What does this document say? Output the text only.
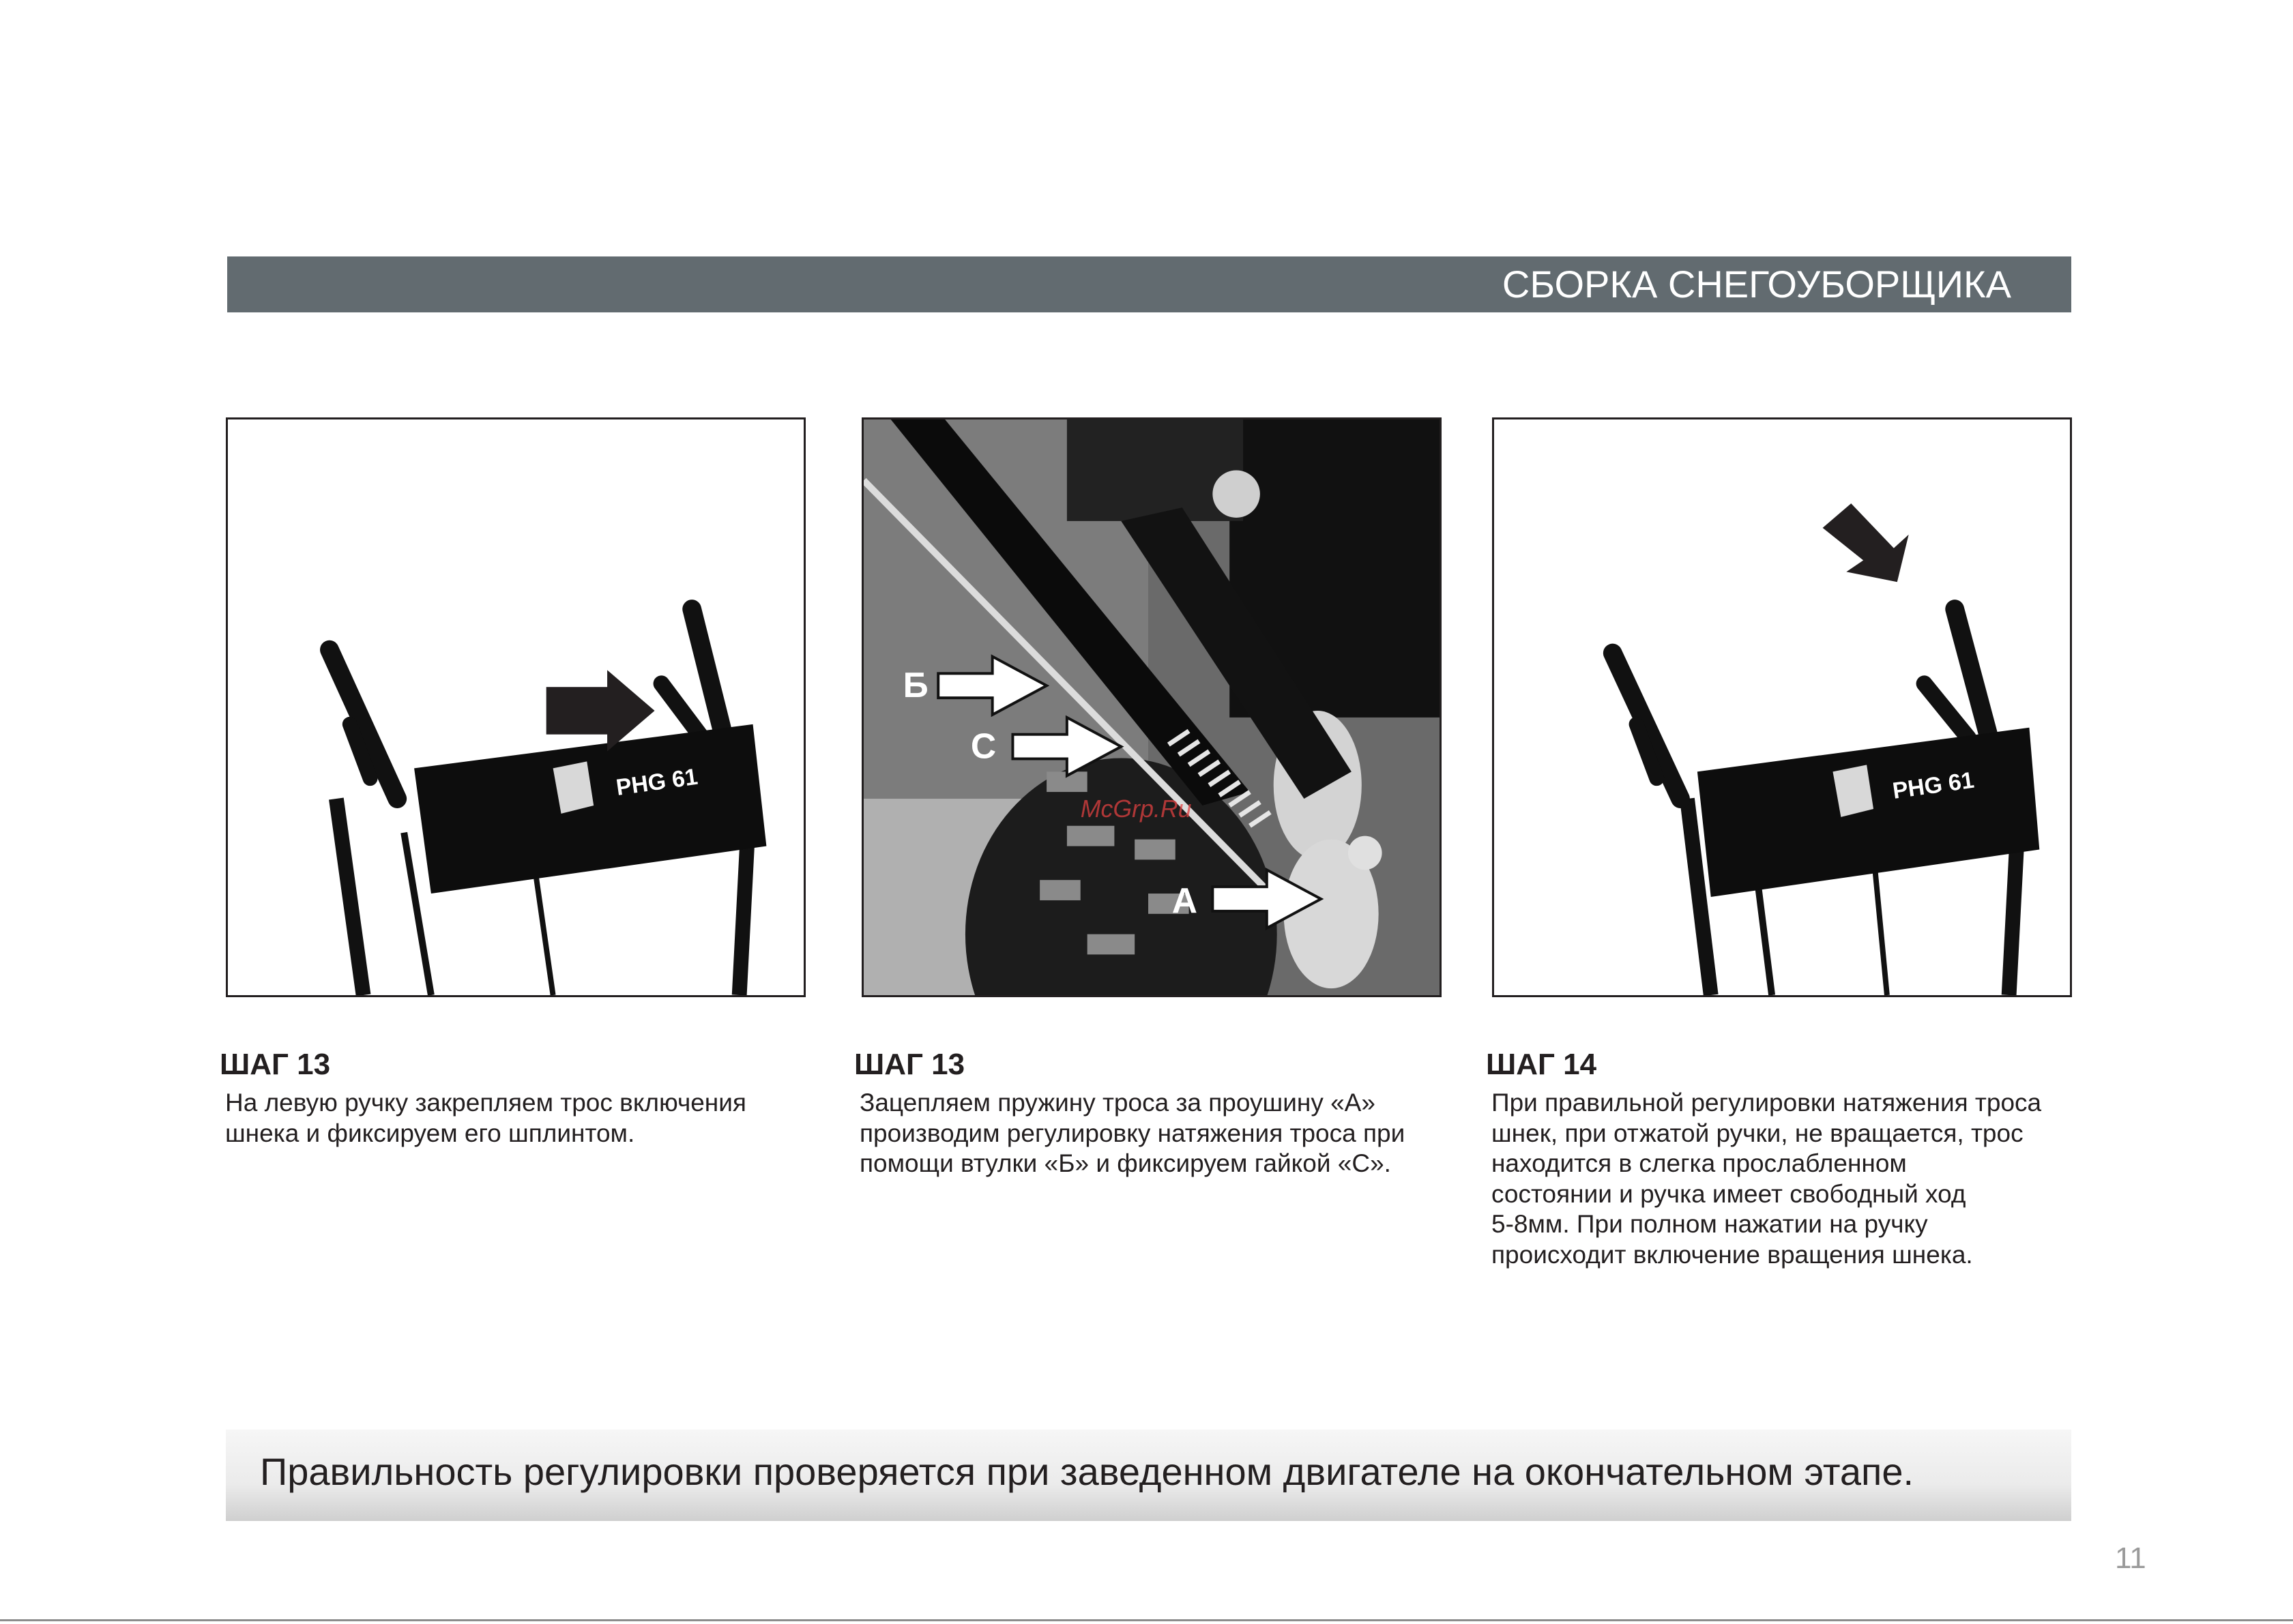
СБОРКА СНЕГОУБОРЩИКА
PHG 61
Б
С
А
McGrp.Ru
PHG 61
ШАГ 13

На левую ручку закрепляем трос включения
шнека и фиксируем его шплинтом.

ШАГ 13

Зацепляем пружину троса за проушину «А»
производим регулировку натяжения троса при
помощи втулки «Б» и фиксируем гайкой «С».

ШАГ 14

При правильной регулировки натяжения троса
шнек, при отжатой ручки, не вращается, трос
находится в слегка прослабленном
состоянии и ручка имеет свободный ход
5-8мм. При полном нажатии на ручку
происходит включение вращения шнека.

Правильность регулировки проверяется при заведенном двигателе на окончательном этапе.
11
